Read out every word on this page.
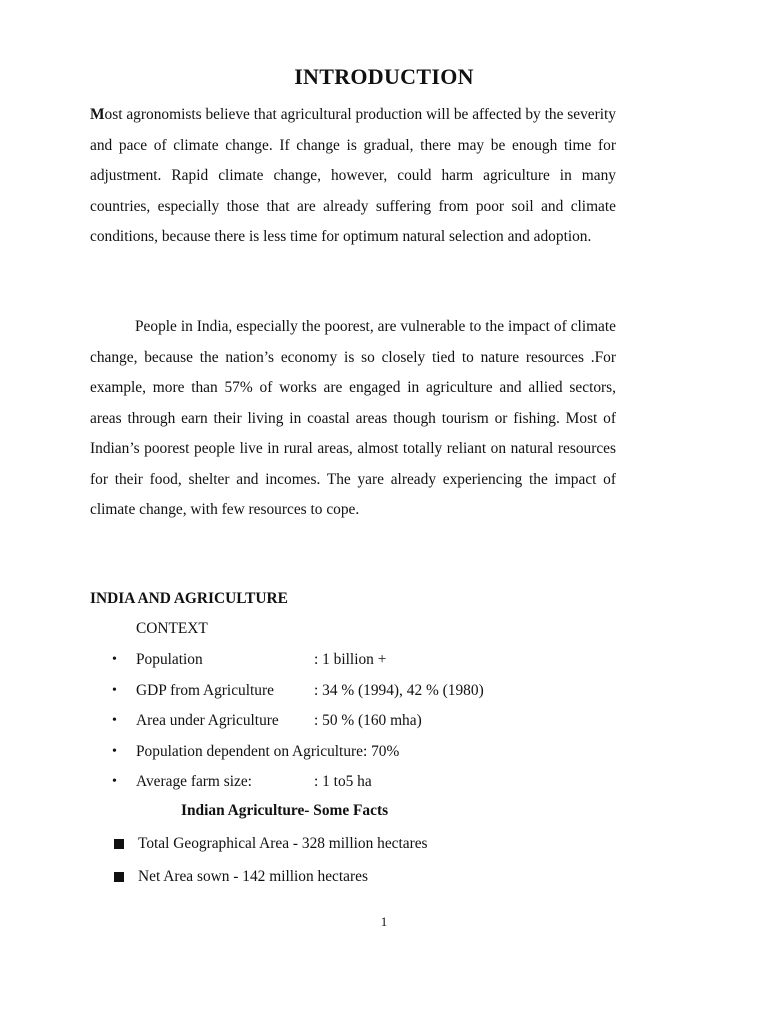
INTRODUCTION

Most agronomists believe that agricultural production will be affected by the severity and pace of climate change. If change is gradual, there may be enough time for adjustment. Rapid climate change, however, could harm agriculture in many countries, especially those that are already suffering from poor soil and climate conditions, because there is less time for optimum natural selection and adoption.

People in India, especially the poorest, are vulnerable to the impact of climate change, because the nation’s economy is so closely tied to nature resources .For example, more than 57% of works are engaged in agriculture and allied sectors, areas through earn their living in coastal areas though tourism or fishing. Most of Indian’s poorest people live in rural areas, almost totally reliant on natural resources for their food, shelter and incomes. The yare already experiencing the impact of climate change, with few resources to cope.

INDIA AND AGRICULTURE
CONTEXT
•	Population	: 1 billion +
•	GDP from Agriculture	: 34 % (1994), 42 % (1980)
•	Area under Agriculture	: 50 % (160 mha)
•	Population dependent on Agriculture: 70%
•	Average farm size:	: 1 to5 ha
Indian Agriculture- Some Facts
Total Geographical Area - 328 million hectares
Net Area sown - 142 million hectares
1
